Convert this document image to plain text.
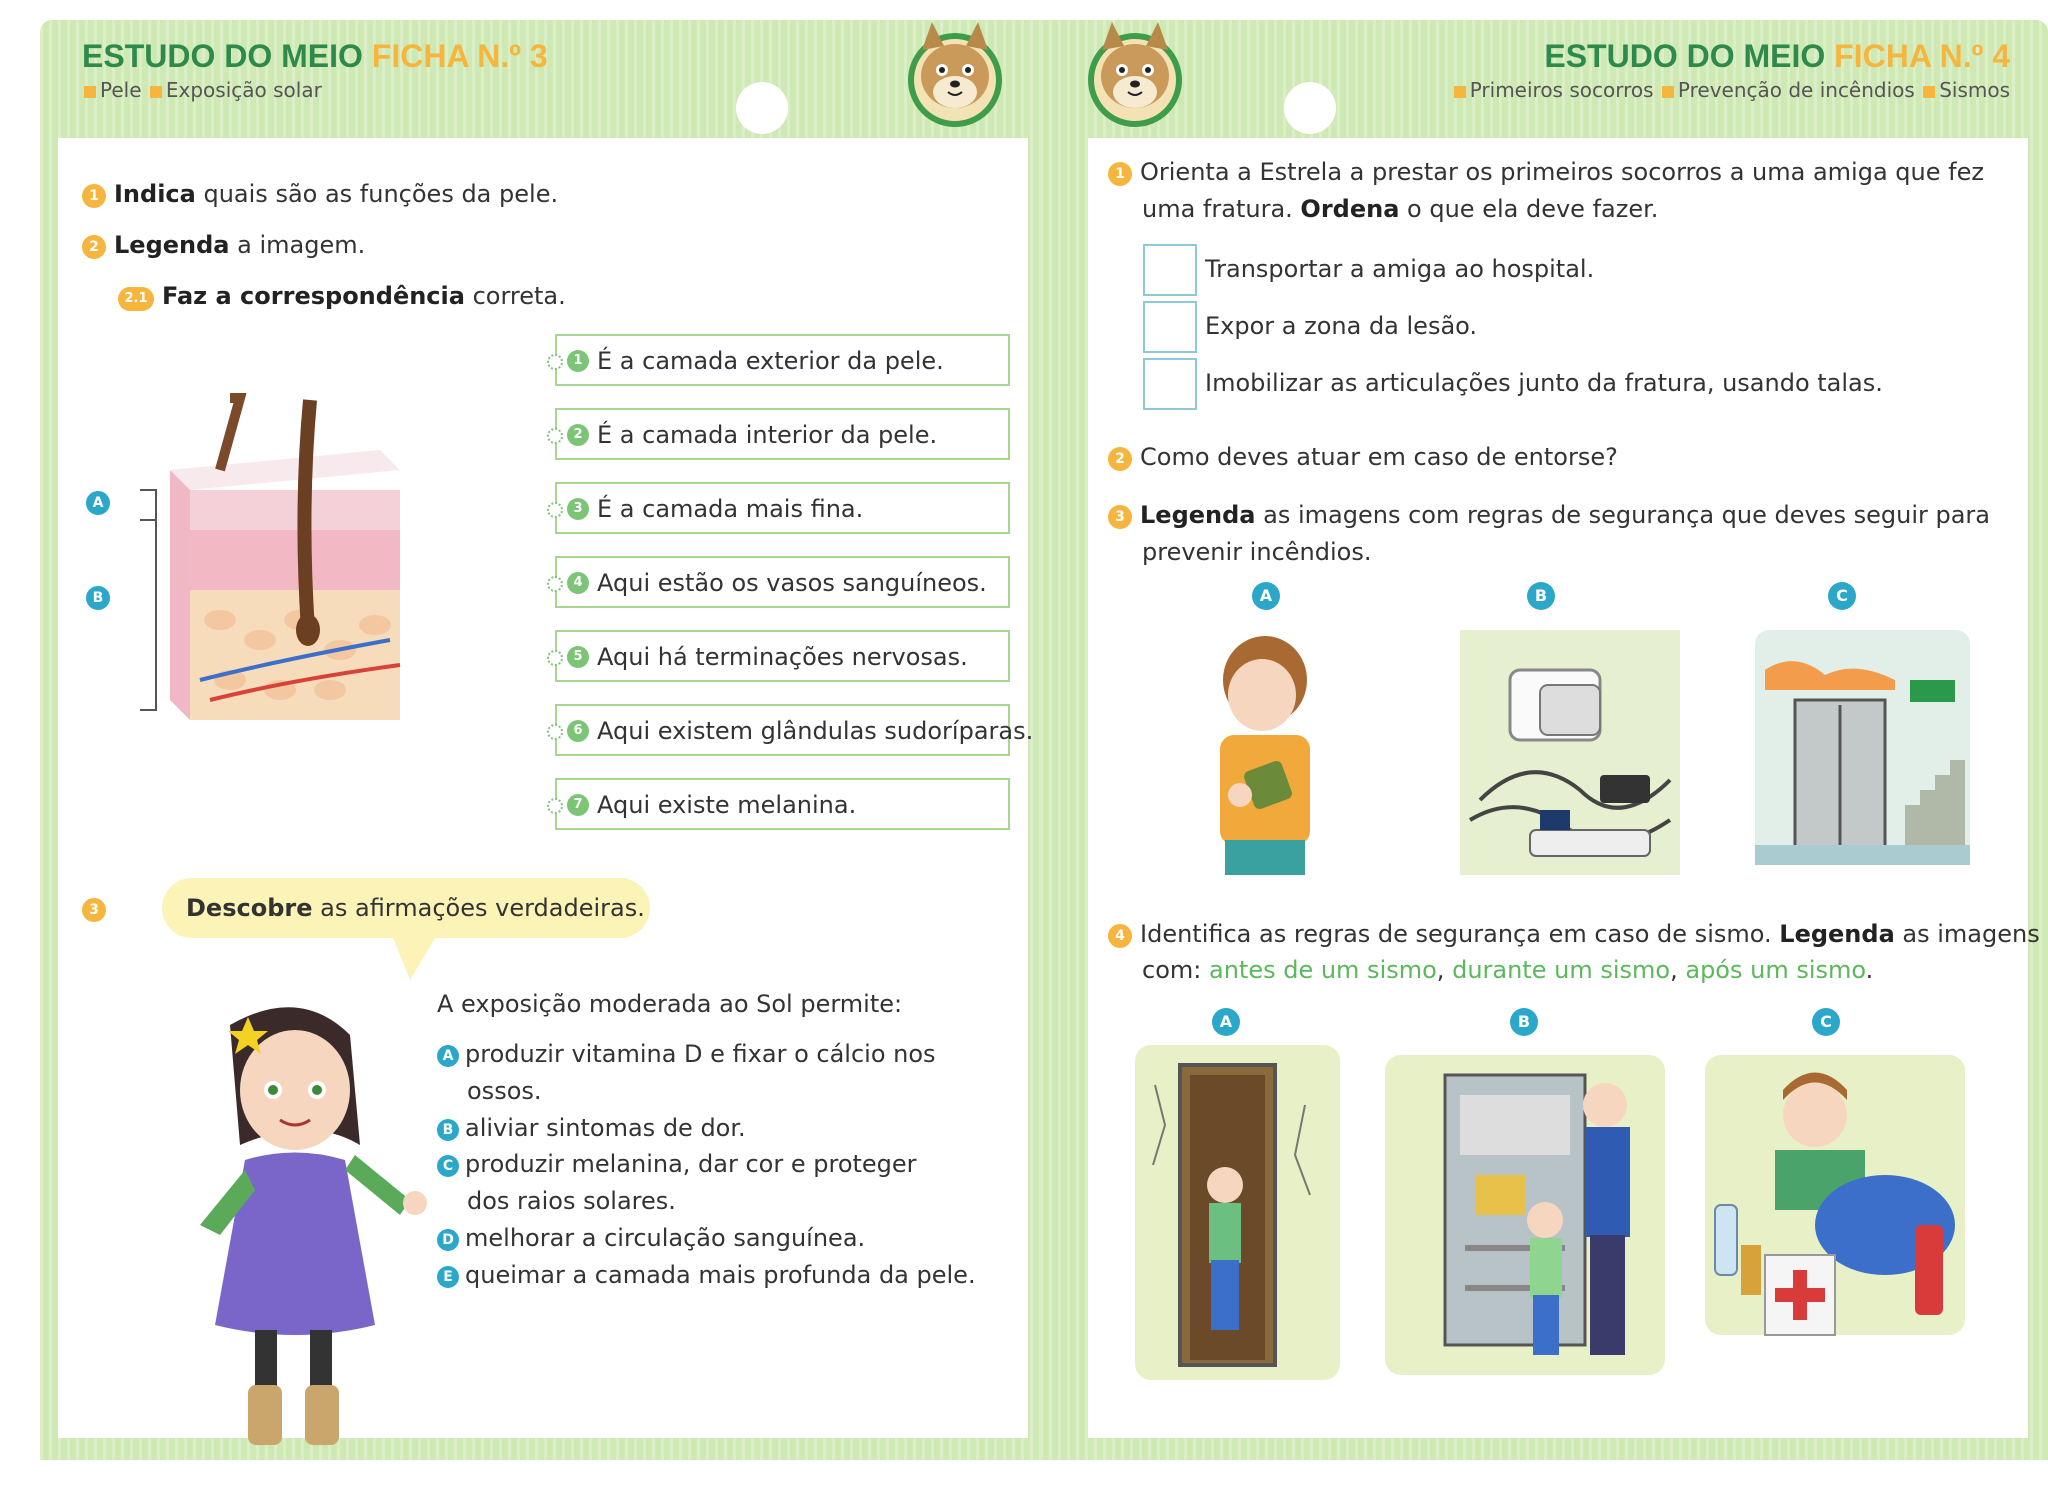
ESTUDO DO MEIO FICHA N.º 3
Pele Exposição solar
1 Indica quais são as funções da pele.
2 Legenda a imagem.
2.1 Faz a correspondência correta.
A
B
1 É a camada exterior da pele.
2 É a camada interior da pele.
3 É a camada mais fina.
4 Aqui estão os vasos sanguíneos.
5 Aqui há terminações nervosas.
6 Aqui existem glândulas sudoríparas.
7 Aqui existe melanina.
3	Descobre as afirmações verdadeiras.
A exposição moderada ao Sol permite:
A produzir vitamina D e fixar o cálcio nos
ossos.
B aliviar sintomas de dor.
C produzir melanina, dar cor e proteger
dos raios solares.
D melhorar a circulação sanguínea.
E queimar a camada mais profunda da pele.
ESTUDO DO MEIO FICHA N.º 4
Primeiros socorros Prevenção de incêndios Sismos
1 Orienta a Estrela a prestar os primeiros socorros a uma amiga que fez
uma fratura. Ordena o que ela deve fazer.
Transportar a amiga ao hospital.
Expor a zona da lesão.
Imobilizar as articulações junto da fratura, usando talas.
2 Como deves atuar em caso de entorse?
3 Legenda as imagens com regras de segurança que deves seguir para
prevenir incêndios.
A	B	C
4 Identifica as regras de segurança em caso de sismo. Legenda as imagens
com: antes de um sismo, durante um sismo, após um sismo.
A	B	C
